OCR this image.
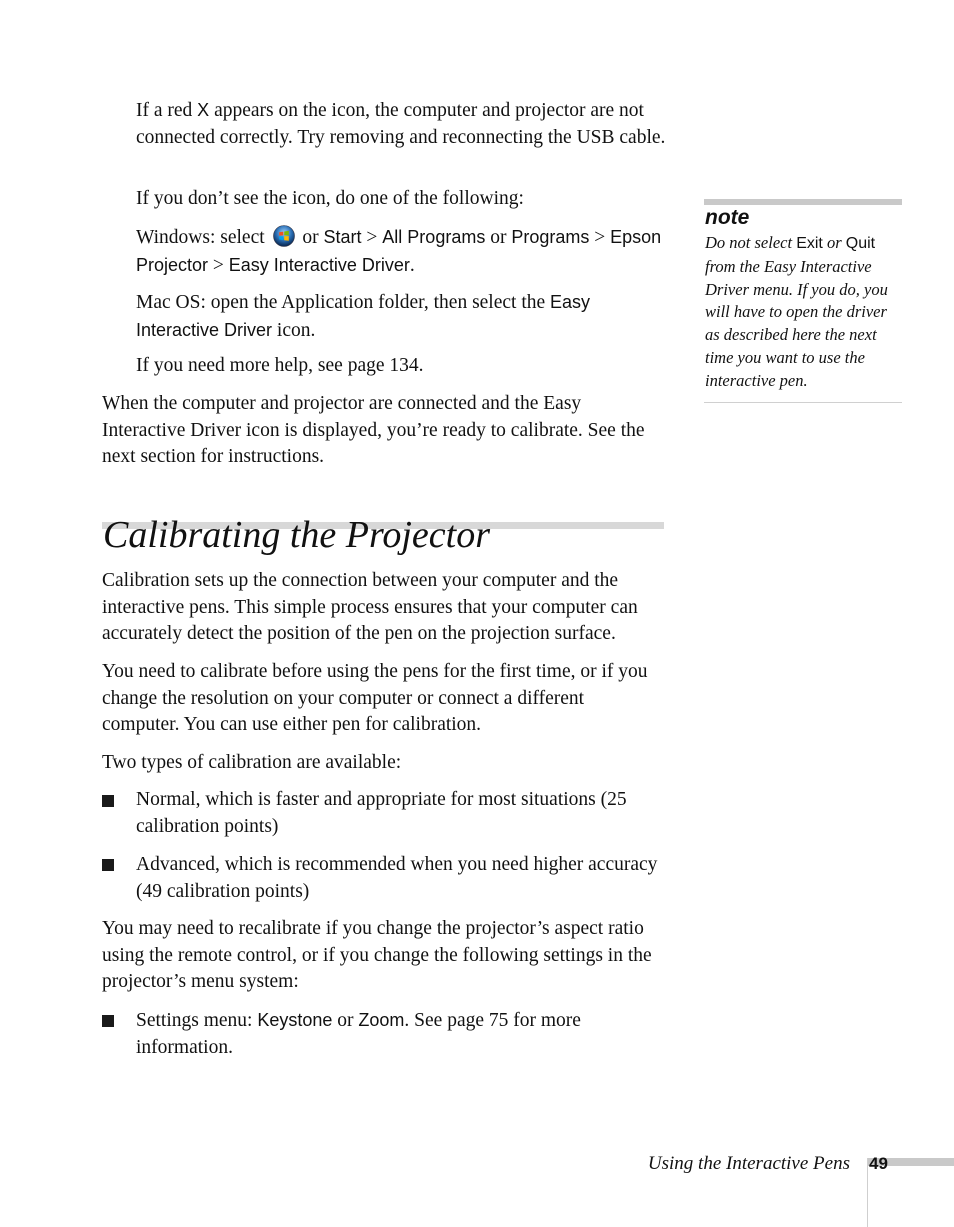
If a red X appears on the icon, the computer and projector are not connected correctly. Try removing and reconnecting the USB cable.

If you don’t see the icon, do one of the following:

Windows: select  or Start > All Programs or Programs > Epson Projector > Easy Interactive Driver.

Mac OS: open the Application folder, then select the Easy Interactive Driver icon.

If you need more help, see page 134.

When the computer and projector are connected and the Easy Interactive Driver icon is displayed, you’re ready to calibrate. See the next section for instructions.

Calibrating the Projector

Calibration sets up the connection between your computer and the interactive pens. This simple process ensures that your computer can accurately detect the position of the pen on the projection surface.

You need to calibrate before using the pens for the first time, or if you change the resolution on your computer or connect a different computer. You can use either pen for calibration.

Two types of calibration are available:

Normal, which is faster and appropriate for most situations (25 calibration points)

Advanced, which is recommended when you need higher accuracy (49 calibration points)

You may need to recalibrate if you change the projector’s aspect ratio using the remote control, or if you change the following settings in the projector’s menu system:

Settings menu: Keystone or Zoom. See page 75 for more information.

note

Do not select Exit or Quit from the Easy Interactive Driver menu. If you do, you will have to open the driver as described here the next time you want to use the interactive pen.

Using the Interactive Pens 49
